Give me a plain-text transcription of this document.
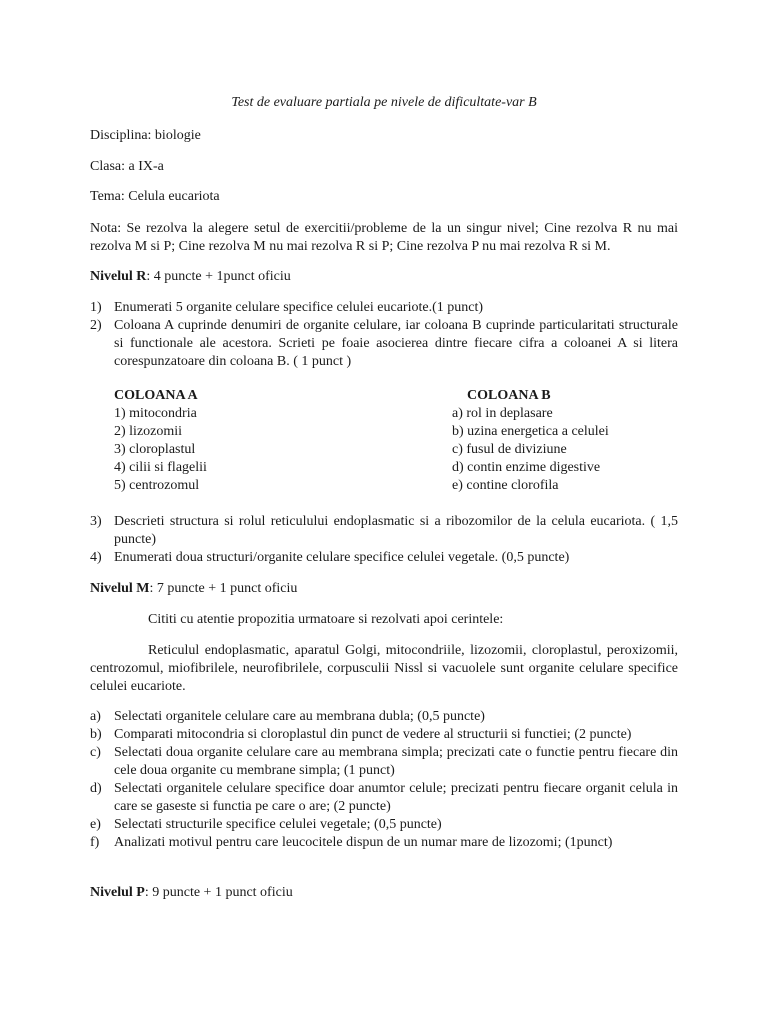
Test de evaluare partiala pe nivele de dificultate-var B
Disciplina: biologie
Clasa: a IX-a
Tema: Celula eucariota
Nota: Se rezolva la alegere setul de exercitii/probleme de la un singur nivel; Cine rezolva R nu mai rezolva M si P; Cine rezolva M nu mai rezolva R si P; Cine rezolva P nu mai rezolva R si M.
Nivelul R: 4 puncte + 1punct oficiu
1) Enumerati 5 organite celulare specifice celulei eucariote.(1 punct)
2) Coloana A cuprinde denumiri de organite celulare, iar coloana B cuprinde particularitati structurale si functionale ale acestora. Scrieti pe foaie asocierea dintre fiecare cifra a coloanei A si litera corespunzatoare din coloana B. ( 1 punct )
COLOANA A
1) mitocondria
2) lizozomii
3) cloroplastul
4) cilii si flagelii
5) centrozomul
COLOANA B
a) rol in deplasare
b) uzina energetica a celulei
c) fusul de diviziune
d) contin enzime digestive
e) contine clorofila
3) Descrieti structura si rolul reticulului endoplasmatic si a ribozomilor de la celula eucariota. ( 1,5 puncte)
4) Enumerati doua structuri/organite celulare specifice celulei vegetale. (0,5 puncte)
Nivelul M: 7 puncte + 1 punct oficiu
Cititi cu atentie propozitia urmatoare si rezolvati apoi cerintele:
Reticulul endoplasmatic, aparatul Golgi, mitocondriile, lizozomii, cloroplastul, peroxizomii, centrozomul, miofibrilele, neurofibrilele, corpusculii Nissl si vacuolele sunt organite celulare specifice celulei eucariote.
a) Selectati organitele celulare care au membrana dubla; (0,5 puncte)
b) Comparati mitocondria si cloroplastul din punct de vedere al structurii si functiei; (2 puncte)
c) Selectati doua organite celulare care au membrana simpla; precizati cate o functie pentru fiecare din cele doua organite cu membrane simpla; (1 punct)
d) Selectati organitele celulare specifice doar anumtor celule; precizati pentru fiecare organit celula in care se gaseste si functia pe care o are; (2 puncte)
e) Selectati structurile specifice celulei vegetale; (0,5 puncte)
f) Analizati motivul pentru care leucocitele dispun de un numar mare de lizozomi; (1punct)
Nivelul P: 9 puncte + 1 punct oficiu
